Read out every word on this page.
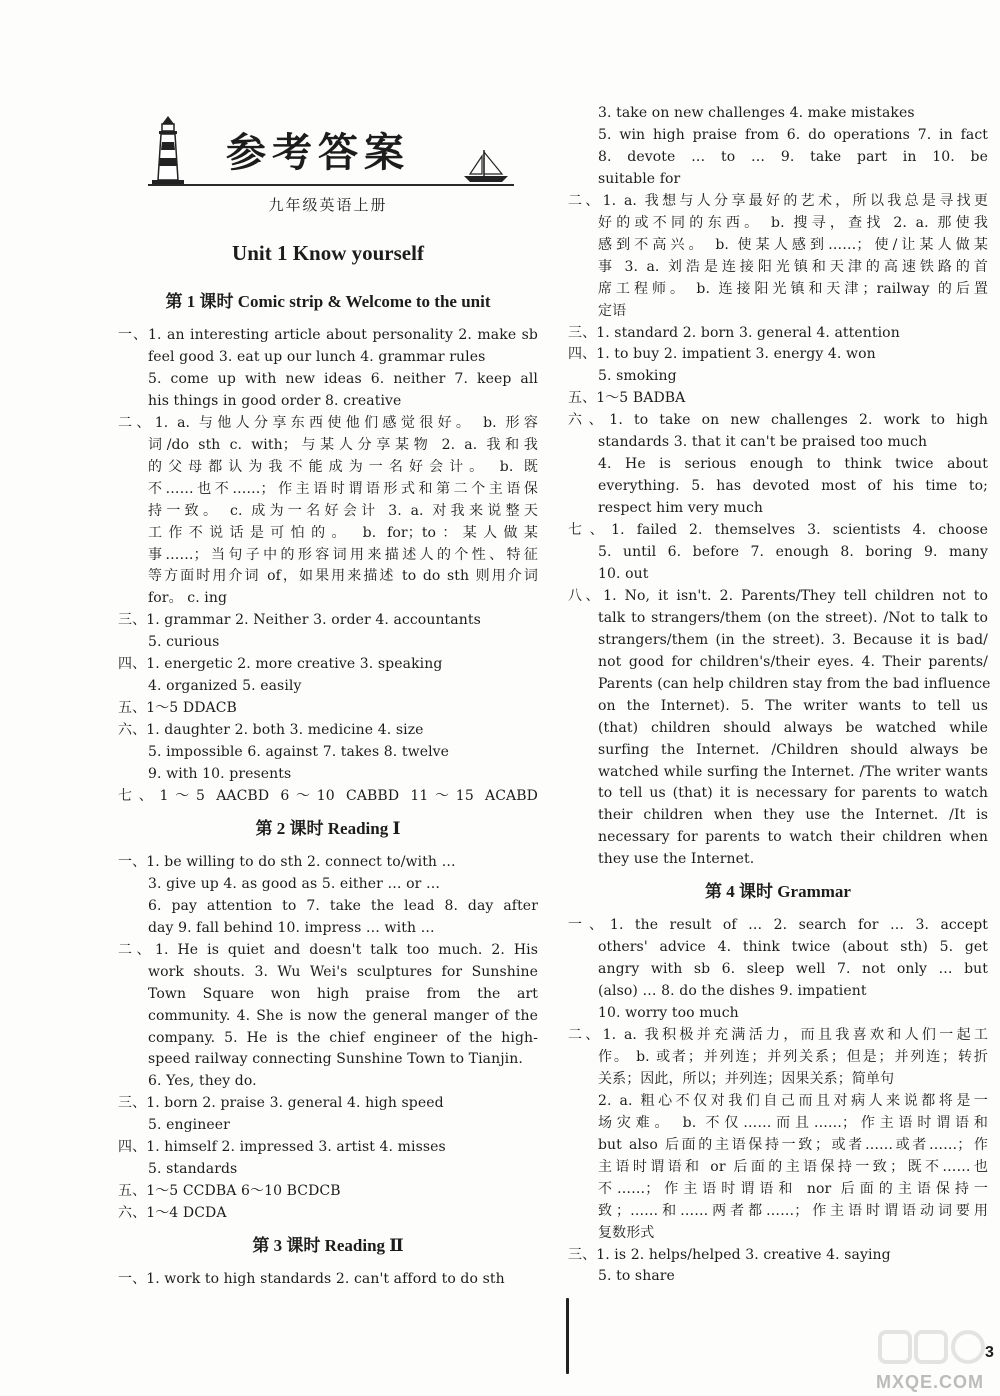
参考答案
九年级英语上册
Unit 1 Know yourself
第 1 课时 Comic strip & Welcome to the unit
一、1. an interesting article about personality 2. make sb
feel good 3. eat up our lunch 4. grammar rules
5. come up with new ideas 6. neither 7. keep all
his things in good order 8. creative
二、1. a. 与他人分享东西使他们感觉很好。 b. 形容
词/do sth c. with；与某人分享某物 2. a. 我和我
的父母都认为我不能成为一名好会计。 b. 既
不……也不……；作主语时谓语形式和第二个主语保
持一致。 c. 成为一名好会计 3. a. 对我来说整天
工作不说话是可怕的。 b. for；to：某人做某
事……；当句子中的形容词用来描述人的个性、特征
等方面时用介词 of，如果用来描述 to do sth 则用介词
for。 c. ing
三、1. grammar 2. Neither 3. order 4. accountants
5. curious
四、1. energetic 2. more creative 3. speaking
4. organized 5. easily
五、1～5 DDACB
六、1. daughter 2. both 3. medicine 4. size
5. impossible 6. against 7. takes 8. twelve
9. with 10. presents
七、1～5 AACBD 6～10 CABBD 11～15 ACABD
第 2 课时 Reading Ⅰ
一、1. be willing to do sth 2. connect to/with …
3. give up 4. as good as 5. either … or …
6. pay attention to 7. take the lead 8. day after
day 9. fall behind 10. impress … with …
二、1. He is quiet and doesn't talk too much. 2. His
work shouts. 3. Wu Wei's sculptures for Sunshine
Town Square won high praise from the art
community. 4. She is now the general manger of the
company. 5. He is the chief engineer of the high-
speed railway connecting Sunshine Town to Tianjin.
6. Yes, they do.
三、1. born 2. praise 3. general 4. high speed
5. engineer
四、1. himself 2. impressed 3. artist 4. misses
5. standards
五、1～5 CCDBA 6～10 BCDCB
六、1～4 DCDA
第 3 课时 Reading Ⅱ
一、1. work to high standards 2. can't afford to do sth
3. take on new challenges 4. make mistakes
5. win high praise from 6. do operations 7. in fact
8. devote … to … 9. take part in 10. be
suitable for
二、1. a. 我想与人分享最好的艺术，所以我总是寻找更
好的或不同的东西。 b. 搜寻，查找 2. a. 那使我
感到不高兴。 b. 使某人感到……；使/让某人做某
事 3. a. 刘浩是连接阳光镇和天津的高速铁路的首
席工程师。 b. 连接阳光镇和天津；railway 的后置
定语
三、1. standard 2. born 3. general 4. attention
四、1. to buy 2. impatient 3. energy 4. won
5. smoking
五、1～5 BADBA
六、1. to take on new challenges 2. work to high
standards 3. that it can't be praised too much
4. He is serious enough to think twice about
everything. 5. has devoted most of his time to;
respect him very much
七、1. failed 2. themselves 3. scientists 4. choose
5. until 6. before 7. enough 8. boring 9. many
10. out
八、1. No, it isn't. 2. Parents/They tell children not to
talk to strangers/them (on the street). /Not to talk to
strangers/them (in the street). 3. Because it is bad/
not good for children's/their eyes. 4. Their parents/
Parents (can help children stay from the bad influence
on the Internet). 5. The writer wants to tell us
(that) children should always be watched while
surfing the Internet. /Children should always be
watched while surfing the Internet. /The writer wants
to tell us (that) it is necessary for parents to watch
their children when they use the Internet. /It is
necessary for parents to watch their children when
they use the Internet.
第 4 课时 Grammar
一、1. the result of … 2. search for … 3. accept
others' advice 4. think twice (about sth) 5. get
angry with sb 6. sleep well 7. not only … but
(also) … 8. do the dishes 9. impatient
10. worry too much
二、1. a. 我积极并充满活力，而且我喜欢和人们一起工
作。 b. 或者；并列连；并列关系；但是；并列连；转折
关系；因此，所以；并列连；因果关系；简单句
2. a. 粗心不仅对我们自己而且对病人来说都将是一
场灾难。 b. 不仅……而且……；作主语时谓语和
but also 后面的主语保持一致；或者……或者……；作
主语时谓语和 or 后面的主语保持一致；既不……也
不……；作主语时谓语和 nor 后面的主语保持一
致；……和……两者都……；作主语时谓语动词要用
复数形式
三、1. is 2. helps/helped 3. creative 4. saying
5. to share
3
MXQE.COM
